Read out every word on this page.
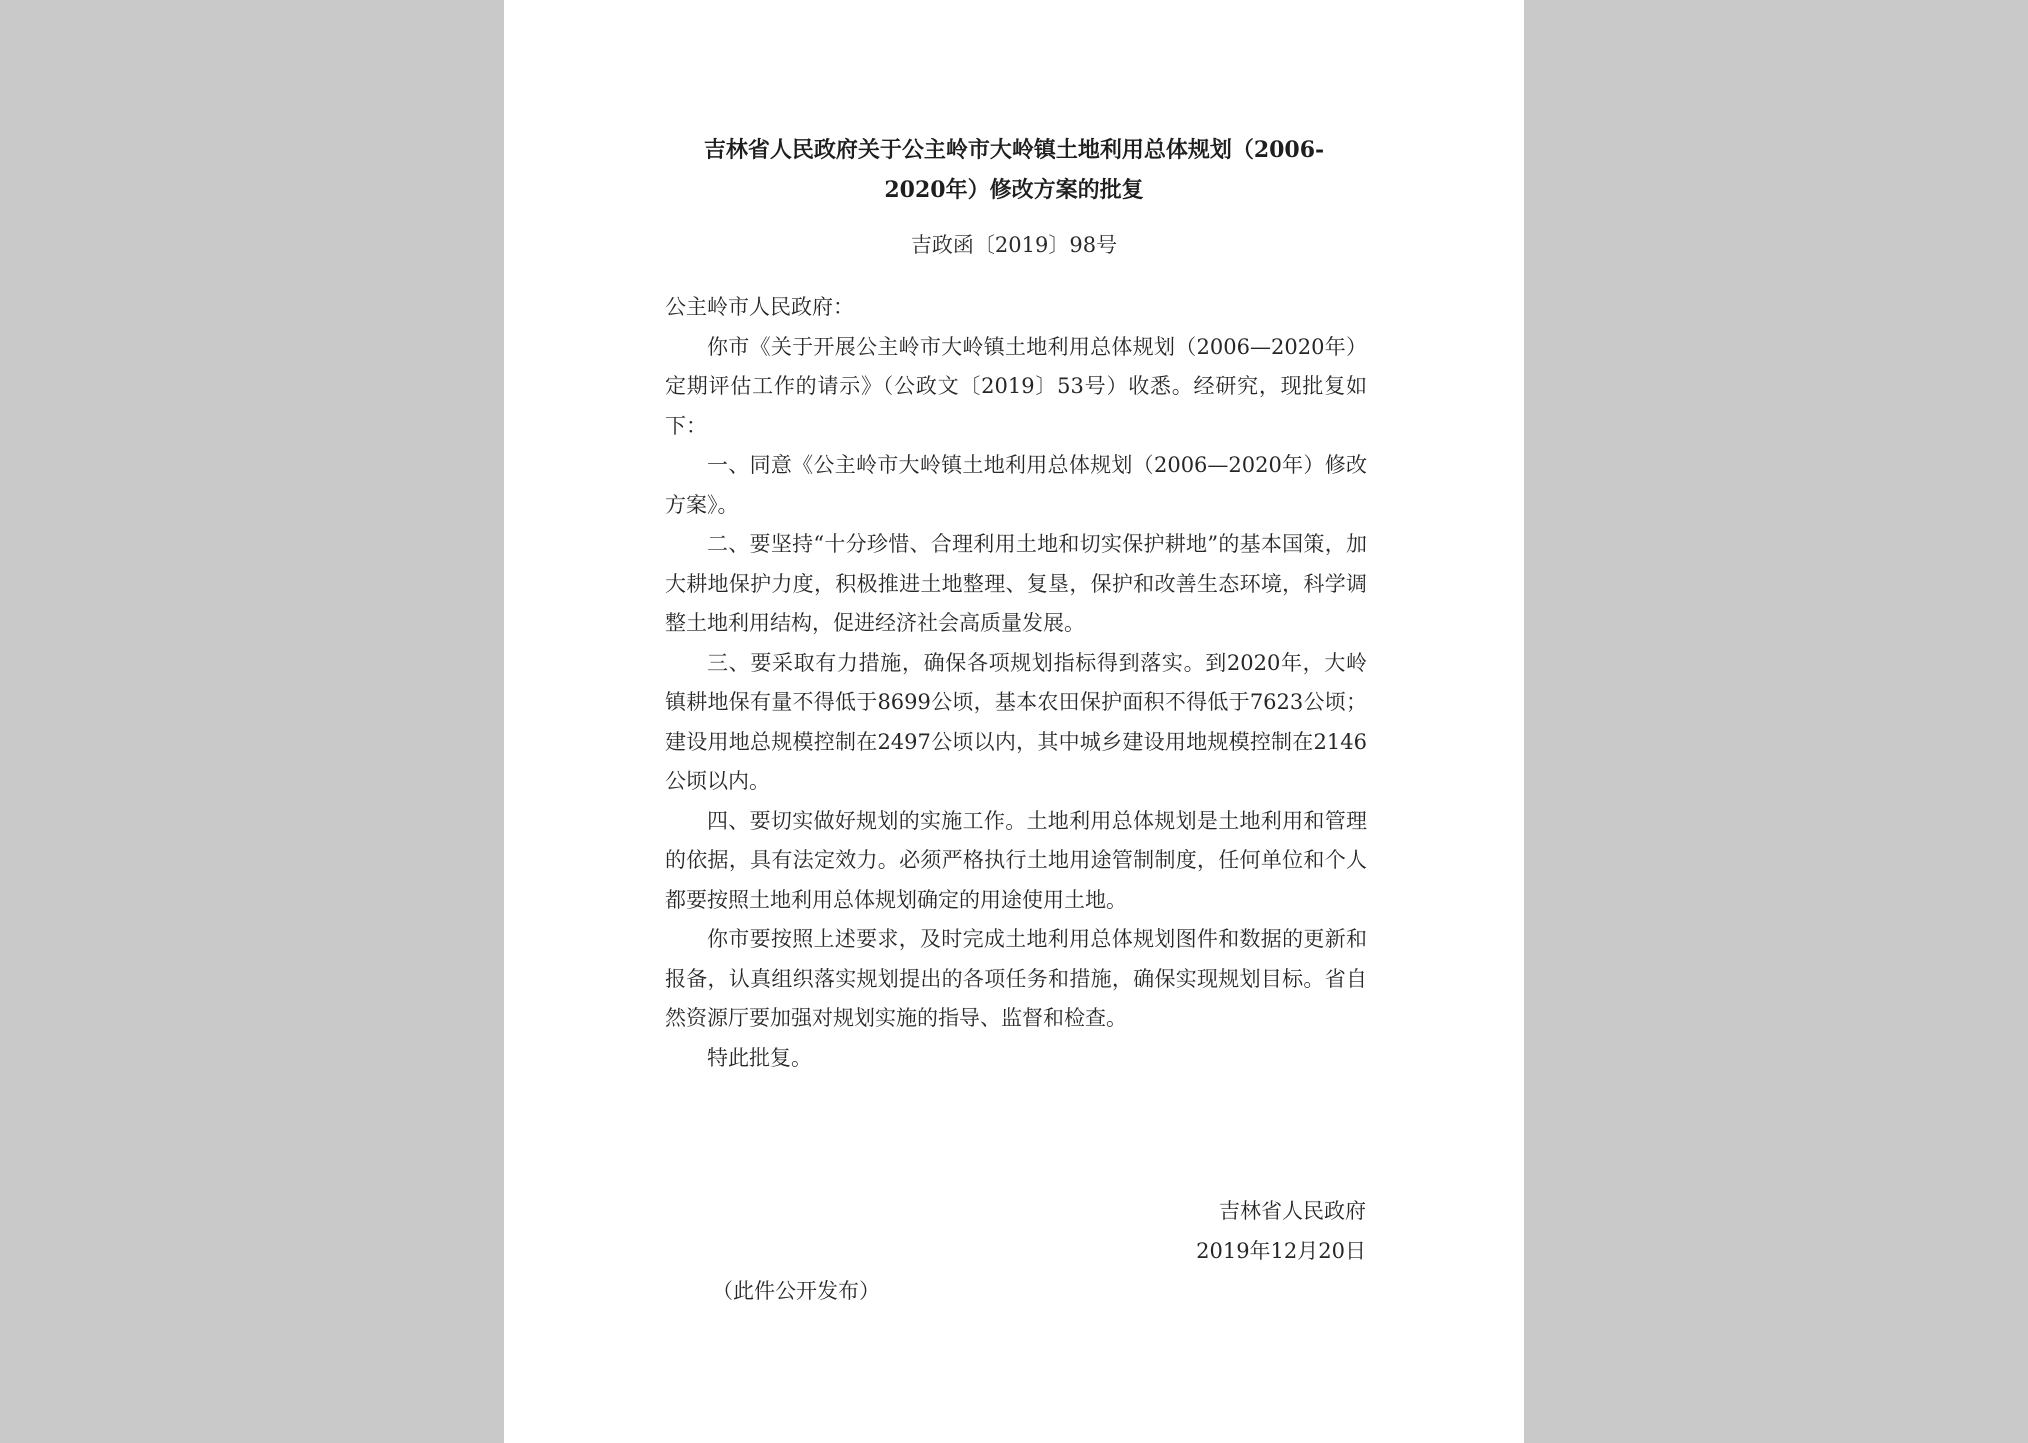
吉林省人民政府关于公主岭市大岭镇土地利用总体规划（2006-
2020年）修改方案的批复
吉政函〔2019〕98号

公主岭市人民政府：

你市《关于开展公主岭市大岭镇土地利用总体规划（2006—2020年）定期评估工作的请示》（公政文〔2019〕53号）收悉。经研究，现批复如下：

一、同意《公主岭市大岭镇土地利用总体规划（2006—2020年）修改方案》。

二、要坚持“十分珍惜、合理利用土地和切实保护耕地”的基本国策，加大耕地保护力度，积极推进土地整理、复垦，保护和改善生态环境，科学调整土地利用结构，促进经济社会高质量发展。

三、要采取有力措施，确保各项规划指标得到落实。到2020年，大岭镇耕地保有量不得低于8699公顷，基本农田保护面积不得低于7623公顷；建设用地总规模控制在2497公顷以内，其中城乡建设用地规模控制在2146公顷以内。

四、要切实做好规划的实施工作。土地利用总体规划是土地利用和管理的依据，具有法定效力。必须严格执行土地用途管制制度，任何单位和个人都要按照土地利用总体规划确定的用途使用土地。

你市要按照上述要求，及时完成土地利用总体规划图件和数据的更新和报备，认真组织落实规划提出的各项任务和措施，确保实现规划目标。省自然资源厅要加强对规划实施的指导、监督和检查。

特此批复。

吉林省人民政府
2019年12月20日
（此件公开发布）
